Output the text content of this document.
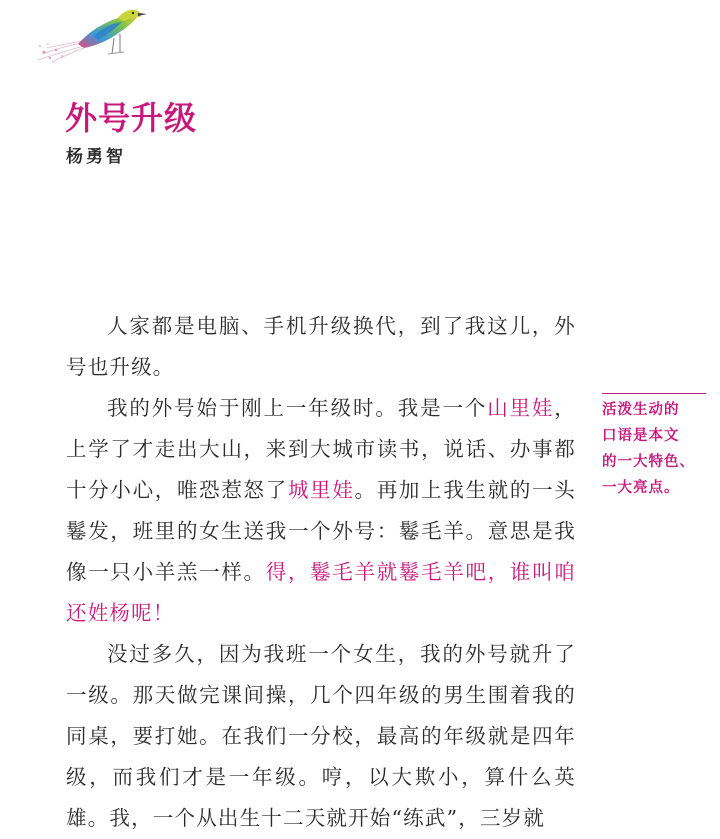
外号升级
杨勇智

人家都是电脑、手机升级换代，到了我这儿，外号也升级。

我的外号始于刚上一年级时。我是一个山里娃，上学了才走出大山，来到大城市读书，说话、办事都十分小心，唯恐惹怒了城里娃。再加上我生就的一头鬈发，班里的女生送我一个外号：鬈毛羊。意思是我像一只小羊羔一样。得，鬈毛羊就鬈毛羊吧，谁叫咱还姓杨呢！

没过多久，因为我班一个女生，我的外号就升了一级。那天做完课间操，几个四年级的男生围着我的同桌，要打她。在我们一分校，最高的年级就是四年级，而我们才是一年级。哼，以大欺小，算什么英雄。我，一个从出生十二天就开始“练武”，三岁就

活泼生动的
口语是本文
的一大特色、
一大亮点。
